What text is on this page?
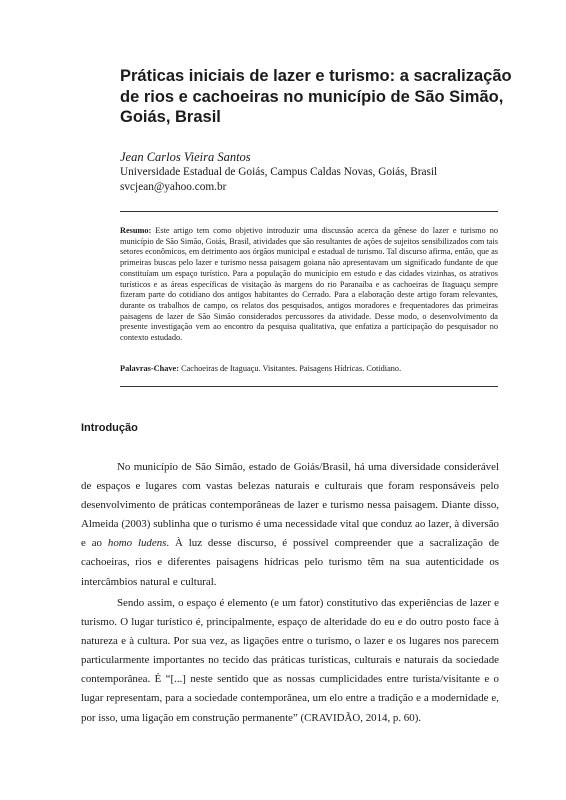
Práticas iniciais de lazer e turismo: a sacralização de rios e cachoeiras no município de São Simão, Goiás, Brasil
Jean Carlos Vieira Santos
Universidade Estadual de Goiás, Campus Caldas Novas, Goiás, Brasil
svcjean@yahoo.com.br

Resumo: Este artigo tem como objetivo introduzir uma discussão acerca da gênese do lazer e turismo no município de São Simão, Goiás, Brasil, atividades que são resultantes de ações de sujeitos sensibilizados com tais setores econômicos, em detrimento aos órgãos municipal e estadual de turismo. Tal discurso afirma, então, que as primeiras buscas pelo lazer e turismo nessa paisagem goiana não apresentavam um significado fundante de que constituíam um espaço turístico. Para a população do município em estudo e das cidades vizinhas, os atrativos turísticos e as áreas específicas de visitação às margens do rio Paranaíba e as cachoeiras de Itaguaçu sempre fizeram parte do cotidiano dos antigos habitantes do Cerrado. Para a elaboração deste artigo foram relevantes, durante os trabalhos de campo, os relatos dos pesquisados, antigos moradores e frequentadores das primeiras paisagens de lazer de São Simão considerados percussores da atividade. Desse modo, o desenvolvimento da presente investigação vem ao encontro da pesquisa qualitativa, que enfatiza a participação do pesquisador no contexto estudado.

Palavras-Chave: Cachoeiras de Itaguaçu. Visitantes. Paisagens Hídricas. Cotidiano.

Introdução

No município de São Simão, estado de Goiás/Brasil, há uma diversidade considerável de espaços e lugares com vastas belezas naturais e culturais que foram responsáveis pelo desenvolvimento de práticas contemporâneas de lazer e turismo nessa paisagem. Diante disso, Almeida (2003) sublinha que o turismo é uma necessidade vital que conduz ao lazer, à diversão e ao homo ludens. À luz desse discurso, é possível compreender que a sacralização de cachoeiras, rios e diferentes paisagens hídricas pelo turismo têm na sua autenticidade os intercâmbios natural e cultural.

Sendo assim, o espaço é elemento (e um fator) constitutivo das experiências de lazer e turismo. O lugar turístico é, principalmente, espaço de alteridade do eu e do outro posto face à natureza e à cultura. Por sua vez, as ligações entre o turismo, o lazer e os lugares nos parecem particularmente importantes no tecido das práticas turísticas, culturais e naturais da sociedade contemporânea. É “[...] neste sentido que as nossas cumplicidades entre turista/visitante e o lugar representam, para a sociedade contemporânea, um elo entre a tradição e a modernidade e, por isso, uma ligação em construção permanente” (CRAVIDÃO, 2014, p. 60).
